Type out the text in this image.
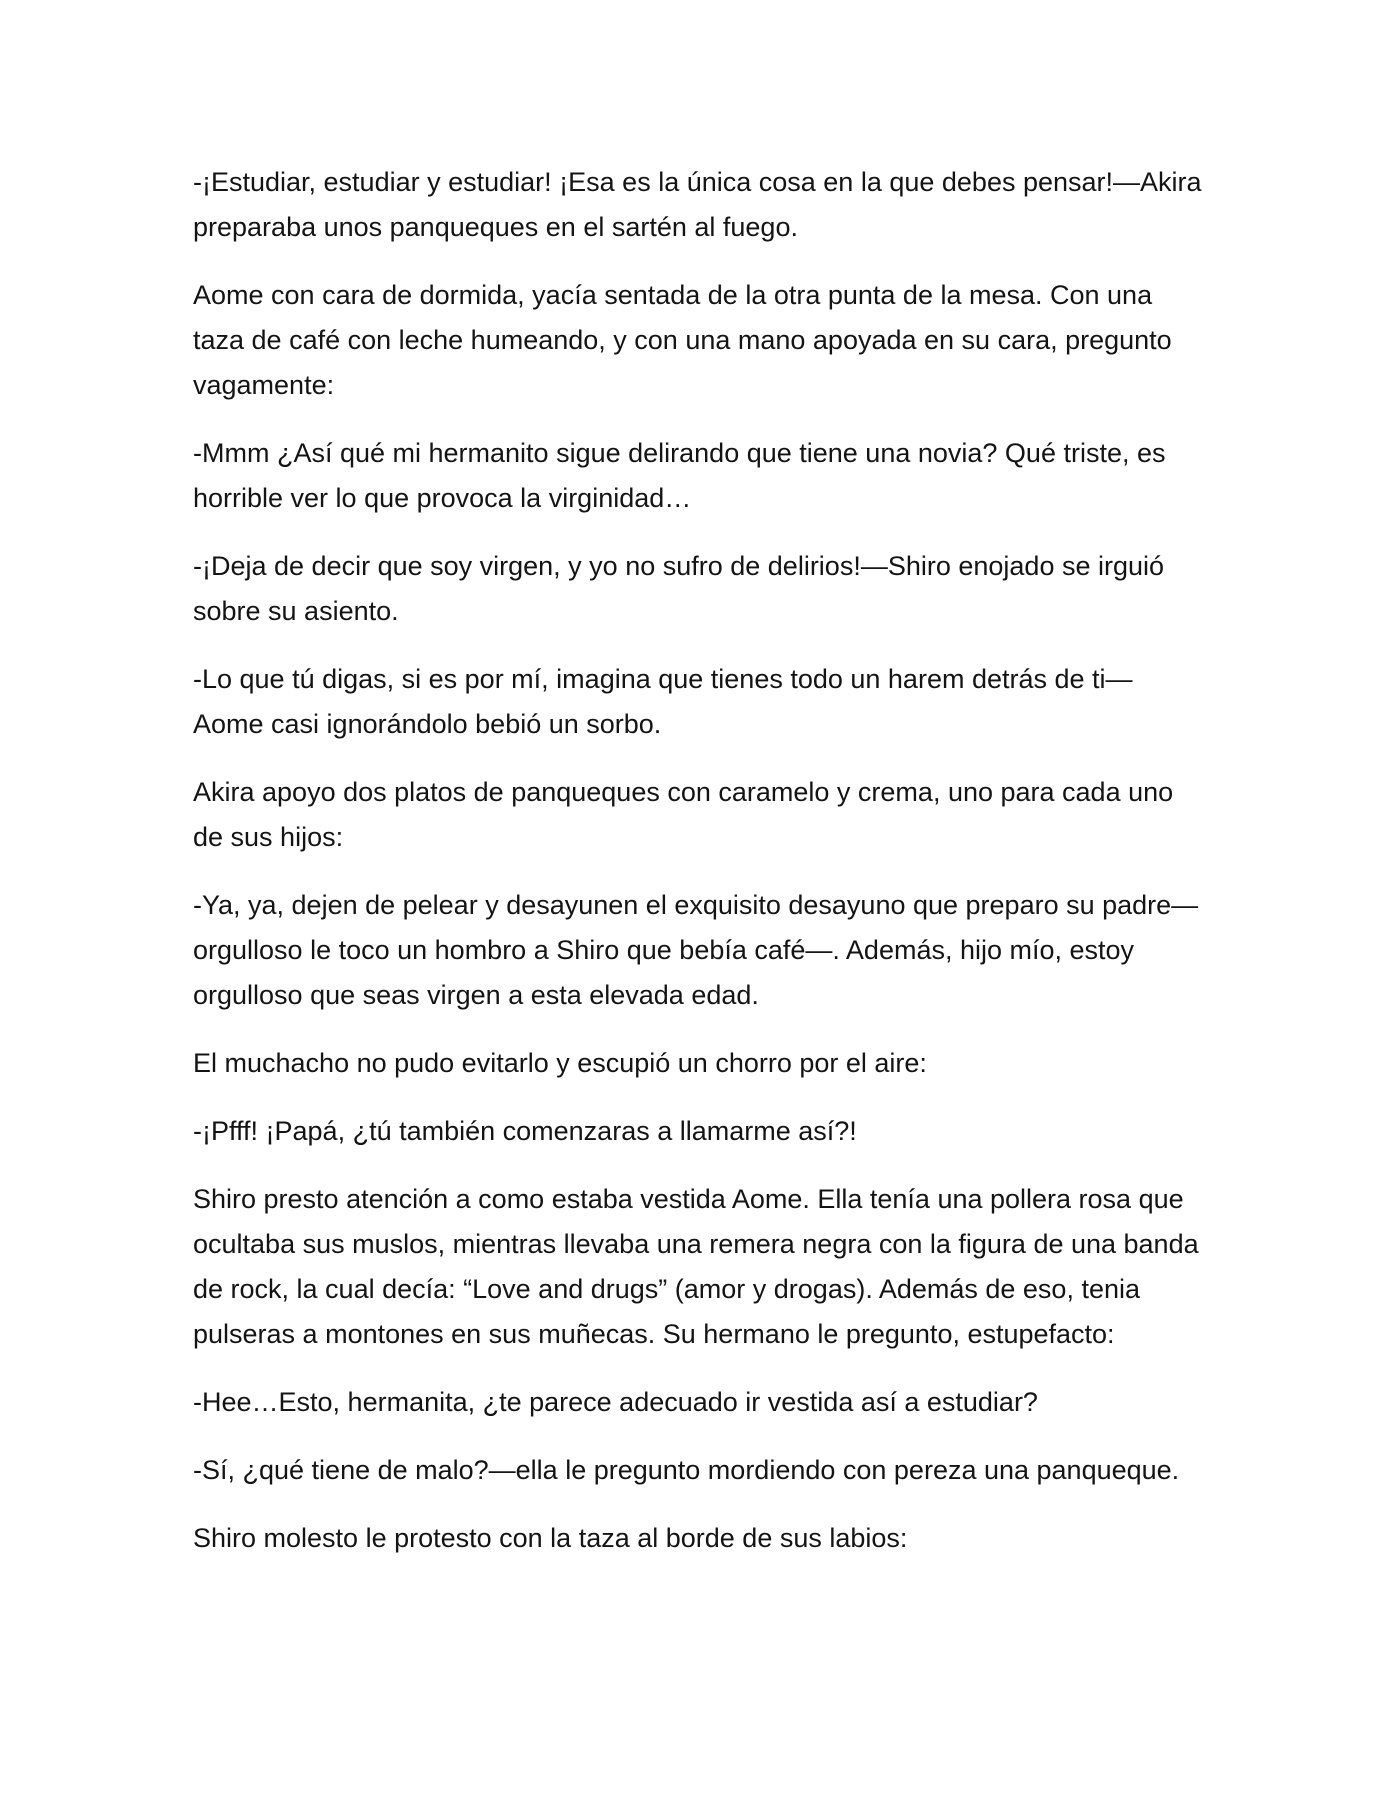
-¡Estudiar, estudiar y estudiar! ¡Esa es la única cosa en la que debes pensar!—Akira preparaba unos panqueques en el sartén al fuego.

Aome con cara de dormida, yacía sentada de la otra punta de la mesa. Con una taza de café con leche humeando, y con una mano apoyada en su cara, pregunto vagamente:

-Mmm ¿Así qué mi hermanito sigue delirando que tiene una novia? Qué triste, es horrible ver lo que provoca la virginidad…

-¡Deja de decir que soy virgen, y yo no sufro de delirios!—Shiro enojado se irguió sobre su asiento.

-Lo que tú digas, si es por mí, imagina que tienes todo un harem detrás de ti—Aome casi ignorándolo bebió un sorbo.

Akira apoyo dos platos de panqueques con caramelo y crema, uno para cada uno de sus hijos:

-Ya, ya, dejen de pelear y desayunen el exquisito desayuno que preparo su padre—orgulloso le toco un hombro a Shiro que bebía café—. Además, hijo mío, estoy orgulloso que seas virgen a esta elevada edad.

El muchacho no pudo evitarlo y escupió un chorro por el aire:

-¡Pfff! ¡Papá, ¿tú también comenzaras a llamarme así?!

Shiro presto atención a como estaba vestida Aome. Ella tenía una pollera rosa que ocultaba sus muslos, mientras llevaba una remera negra con la figura de una banda de rock, la cual decía: “Love and drugs” (amor y drogas). Además de eso, tenia pulseras a montones en sus muñecas. Su hermano le pregunto, estupefacto:

-Hee…Esto, hermanita, ¿te parece adecuado ir vestida así a estudiar?

-Sí, ¿qué tiene de malo?—ella le pregunto mordiendo con pereza una panqueque.

Shiro molesto le protesto con la taza al borde de sus labios:
